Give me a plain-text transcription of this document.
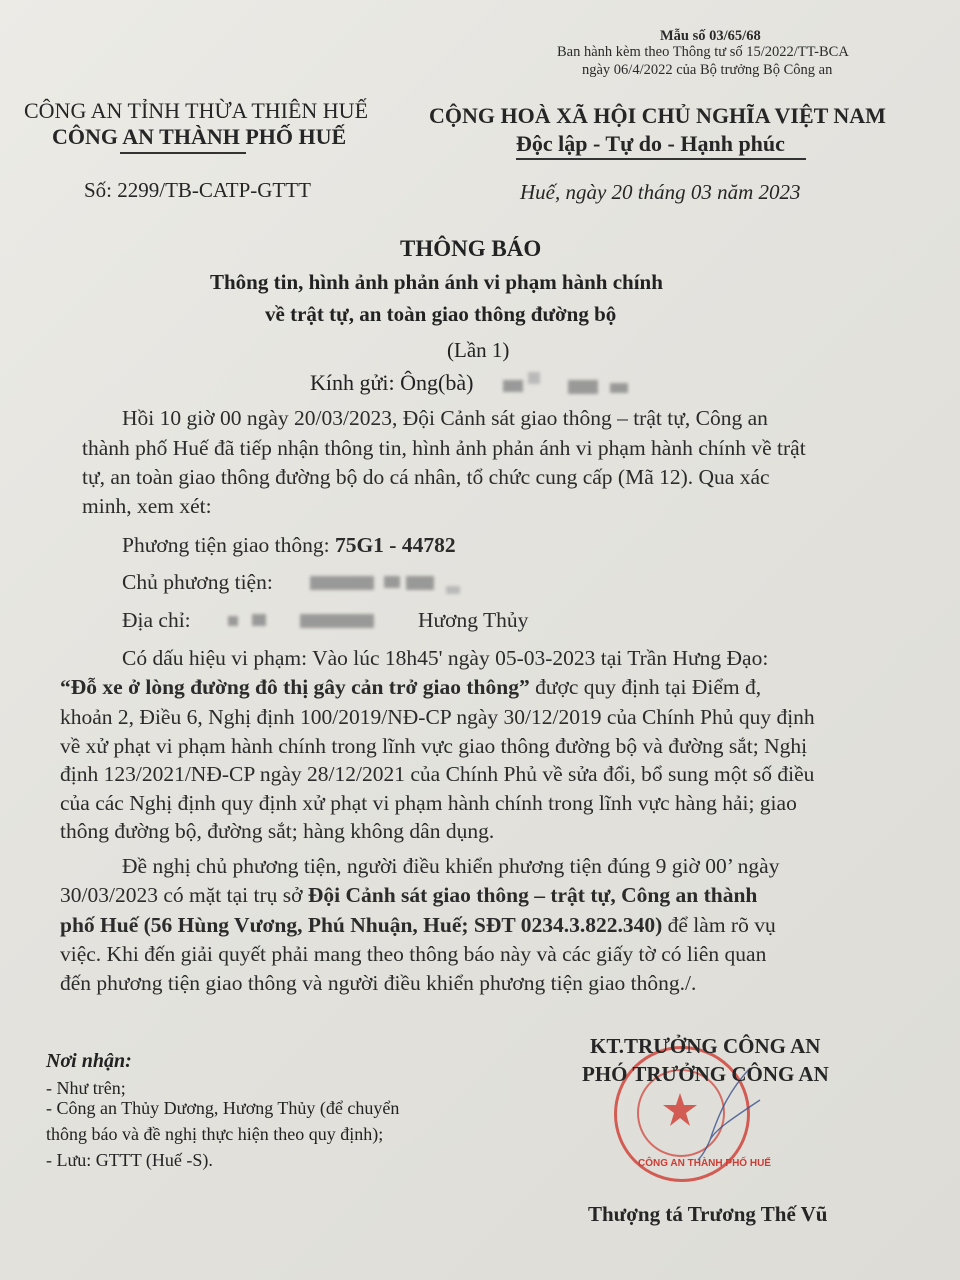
Mẫu số 03/65/68
Ban hành kèm theo Thông tư số 15/2022/TT-BCA
ngày 06/4/2022 của Bộ trưởng Bộ Công an
CÔNG AN TỈNH THỪA THIÊN HUẾ
CÔNG AN THÀNH PHỐ HUẾ
Số: 2299/TB-CATP-GTTT
CỘNG HOÀ XÃ HỘI CHỦ NGHĨA VIỆT NAM
Độc lập - Tự do - Hạnh phúc
Huế, ngày 20 tháng 03 năm 2023
THÔNG BÁO
Thông tin, hình ảnh phản ánh vi phạm hành chính
về trật tự, an toàn giao thông đường bộ
(Lần 1)
Kính gửi: Ông(bà)
Hồi 10 giờ 00 ngày 20/03/2023, Đội Cảnh sát giao thông – trật tự, Công an
thành phố Huế đã tiếp nhận thông tin, hình ảnh phản ánh vi phạm hành chính về trật
tự, an toàn giao thông đường bộ do cá nhân, tổ chức cung cấp (Mã 12). Qua xác
minh, xem xét:
Phương tiện giao thông: 75G1 - 44782
Chủ phương tiện:
Địa chỉ:	Hương Thủy
Có dấu hiệu vi phạm: Vào lúc 18h45' ngày 05-03-2023 tại Trần Hưng Đạo:
“Đỗ xe ở lòng đường đô thị gây cản trở giao thông” được quy định tại Điểm đ,
khoản 2, Điều 6, Nghị định 100/2019/NĐ-CP ngày 30/12/2019 của Chính Phủ quy định
về xử phạt vi phạm hành chính trong lĩnh vực giao thông đường bộ và đường sắt; Nghị
định 123/2021/NĐ-CP ngày 28/12/2021 của Chính Phủ về sửa đổi, bổ sung một số điều
của các Nghị định quy định xử phạt vi phạm hành chính trong lĩnh vực hàng hải; giao
thông đường bộ, đường sắt; hàng không dân dụng.
Đề nghị chủ phương tiện, người điều khiển phương tiện đúng 9 giờ 00’ ngày
30/03/2023 có mặt tại trụ sở Đội Cảnh sát giao thông – trật tự, Công an thành
phố Huế (56 Hùng Vương, Phú Nhuận, Huế; SĐT 0234.3.822.340) để làm rõ vụ
việc. Khi đến giải quyết phải mang theo thông báo này và các giấy tờ có liên quan
đến phương tiện giao thông và người điều khiển phương tiện giao thông./.
Nơi nhận:
- Như trên;
- Công an Thủy Dương, Hương Thủy (để chuyển
thông báo và đề nghị thực hiện theo quy định);
- Lưu: GTTT (Huế -S).	CÔNG AN THÀNH PHỐ HUẾ
KT.TRƯỞNG CÔNG AN
PHÓ TRƯỞNG CÔNG AN
Thượng tá Trương Thế Vũ
